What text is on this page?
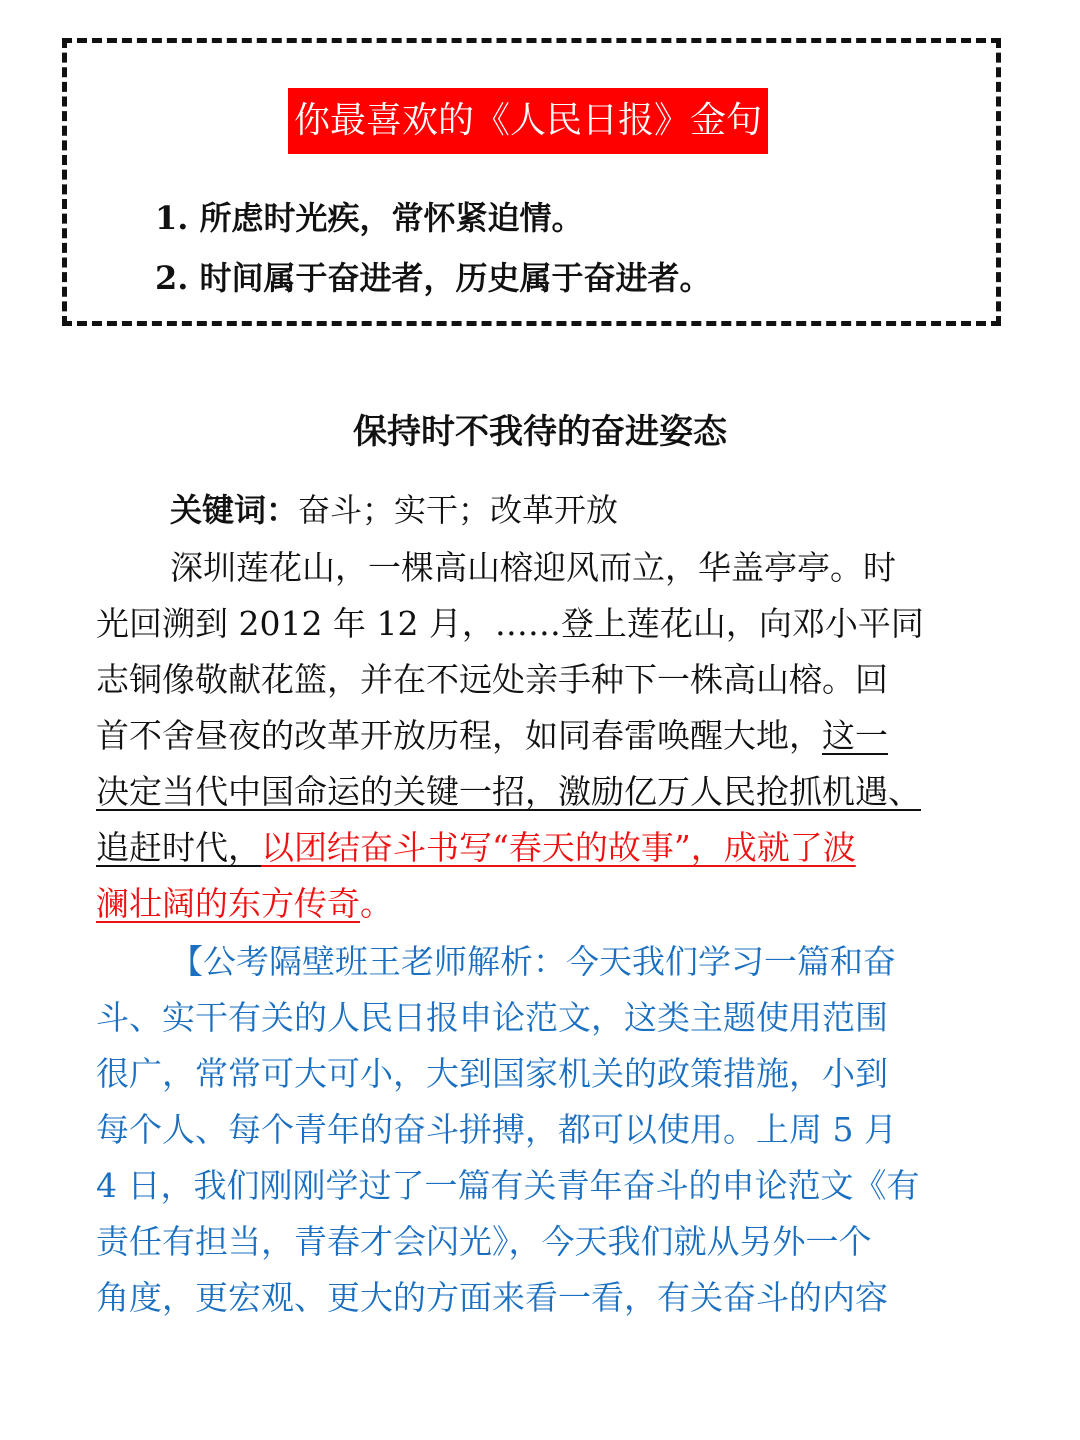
你最喜欢的《人民日报》金句
1. 所虑时光疾，常怀紧迫情。
2. 时间属于奋进者，历史属于奋进者。
保持时不我待的奋进姿态
关键词：奋斗；实干；改革开放
深圳莲花山，一棵高山榕迎风而立，华盖亭亭。时
光回溯到 2012 年 12 月，……登上莲花山，向邓小平同
志铜像敬献花篮，并在不远处亲手种下一株高山榕。回
首不舍昼夜的改革开放历程，如同春雷唤醒大地，这一
决定当代中国命运的关键一招，激励亿万人民抢抓机遇、
追赶时代，以团结奋斗书写“春天的故事”，成就了波
澜壮阔的东方传奇。
【公考隔壁班王老师解析：今天我们学习一篇和奋
斗、实干有关的人民日报申论范文，这类主题使用范围
很广，常常可大可小，大到国家机关的政策措施，小到
每个人、每个青年的奋斗拼搏，都可以使用。上周 5 月
4 日，我们刚刚学过了一篇有关青年奋斗的申论范文《有
责任有担当，青春才会闪光》，今天我们就从另外一个
角度，更宏观、更大的方面来看一看，有关奋斗的内容
